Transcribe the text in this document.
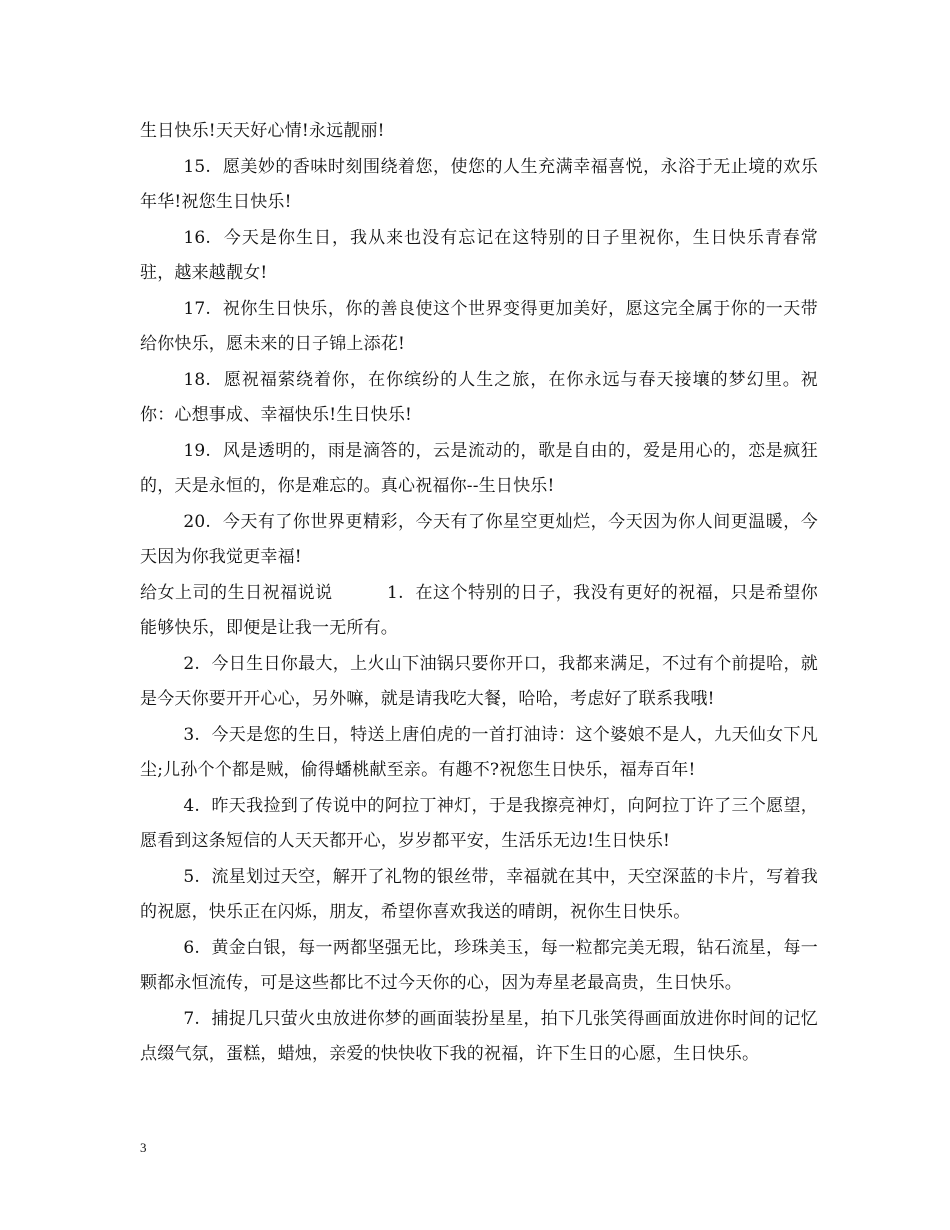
生日快乐!天天好心情!永远靓丽!

15. 愿美妙的香味时刻围绕着您，使您的人生充满幸福喜悦，永浴于无止境的欢乐年华!祝您生日快乐!

16. 今天是你生日，我从来也没有忘记在这特别的日子里祝你，生日快乐青春常驻，越来越靓女!

17. 祝你生日快乐，你的善良使这个世界变得更加美好，愿这完全属于你的一天带给你快乐，愿未来的日子锦上添花!

18. 愿祝福萦绕着你，在你缤纷的人生之旅，在你永远与春天接壤的梦幻里。祝你：心想事成、幸福快乐!生日快乐!

19. 风是透明的，雨是滴答的，云是流动的，歌是自由的，爱是用心的，恋是疯狂的，天是永恒的，你是难忘的。真心祝福你--生日快乐!

20. 今天有了你世界更精彩，今天有了你星空更灿烂，今天因为你人间更温暖，今天因为你我觉更幸福!

给女上司的生日祝福说说	1. 在这个特别的日子，我没有更好的祝福，只是希望你能够快乐，即便是让我一无所有。

2. 今日生日你最大，上火山下油锅只要你开口，我都来满足，不过有个前提哈，就是今天你要开开心心，另外嘛，就是请我吃大餐，哈哈，考虑好了联系我哦!

3. 今天是您的生日，特送上唐伯虎的一首打油诗：这个婆娘不是人，九天仙女下凡尘;儿孙个个都是贼，偷得蟠桃献至亲。有趣不?祝您生日快乐，福寿百年!

4. 昨天我捡到了传说中的阿拉丁神灯，于是我擦亮神灯，向阿拉丁许了三个愿望，愿看到这条短信的人天天都开心，岁岁都平安，生活乐无边!生日快乐!

5. 流星划过天空，解开了礼物的银丝带，幸福就在其中，天空深蓝的卡片，写着我的祝愿，快乐正在闪烁，朋友，希望你喜欢我送的晴朗，祝你生日快乐。

6. 黄金白银，每一两都坚强无比，珍珠美玉，每一粒都完美无瑕，钻石流星，每一颗都永恒流传，可是这些都比不过今天你的心，因为寿星老最高贵，生日快乐。

7. 捕捉几只萤火虫放进你梦的画面装扮星星，拍下几张笑得画面放进你时间的记忆点缀气氛，蛋糕，蜡烛，亲爱的快快收下我的祝福，许下生日的心愿，生日快乐。

3
